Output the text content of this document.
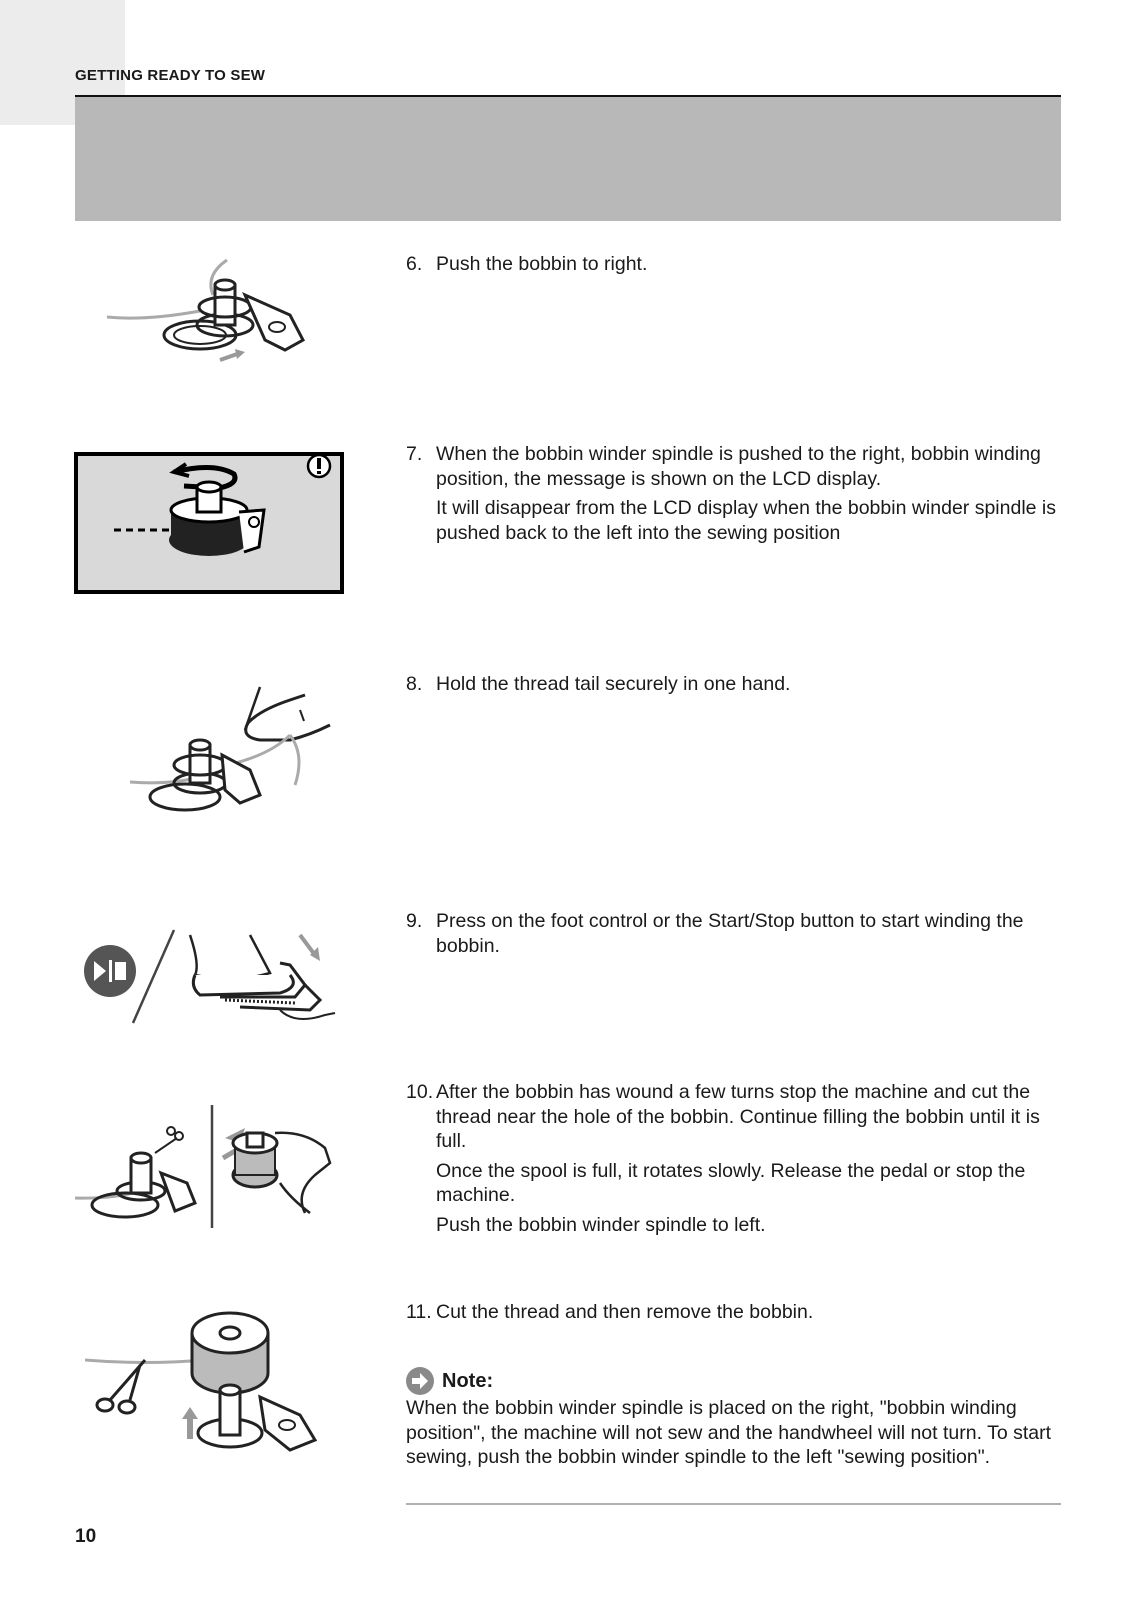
GETTING READY TO SEW

6. Push the bobbin to right.

7. When the bobbin winder spindle is pushed to the right, bobbin winding position, the message is shown on the LCD display.

It will disappear from the LCD display when the bobbin winder spindle is pushed back to the left into the sewing position

8. Hold the thread tail securely in one hand.

9. Press on the foot control or the Start/Stop button to start winding the bobbin.

10. After the bobbin has wound a few turns stop the machine and cut the thread near the hole of the bobbin. Continue filling the bobbin until it is full.

Once the spool is full, it rotates slowly. Release the pedal or stop the machine.

Push the bobbin winder spindle to left.

11. Cut the thread and then remove the bobbin.

Note:

When the bobbin winder spindle is placed on the right, "bobbin winding position", the machine will not sew and the handwheel will not turn. To start sewing, push the bobbin winder spindle to the left "sewing position".

10
